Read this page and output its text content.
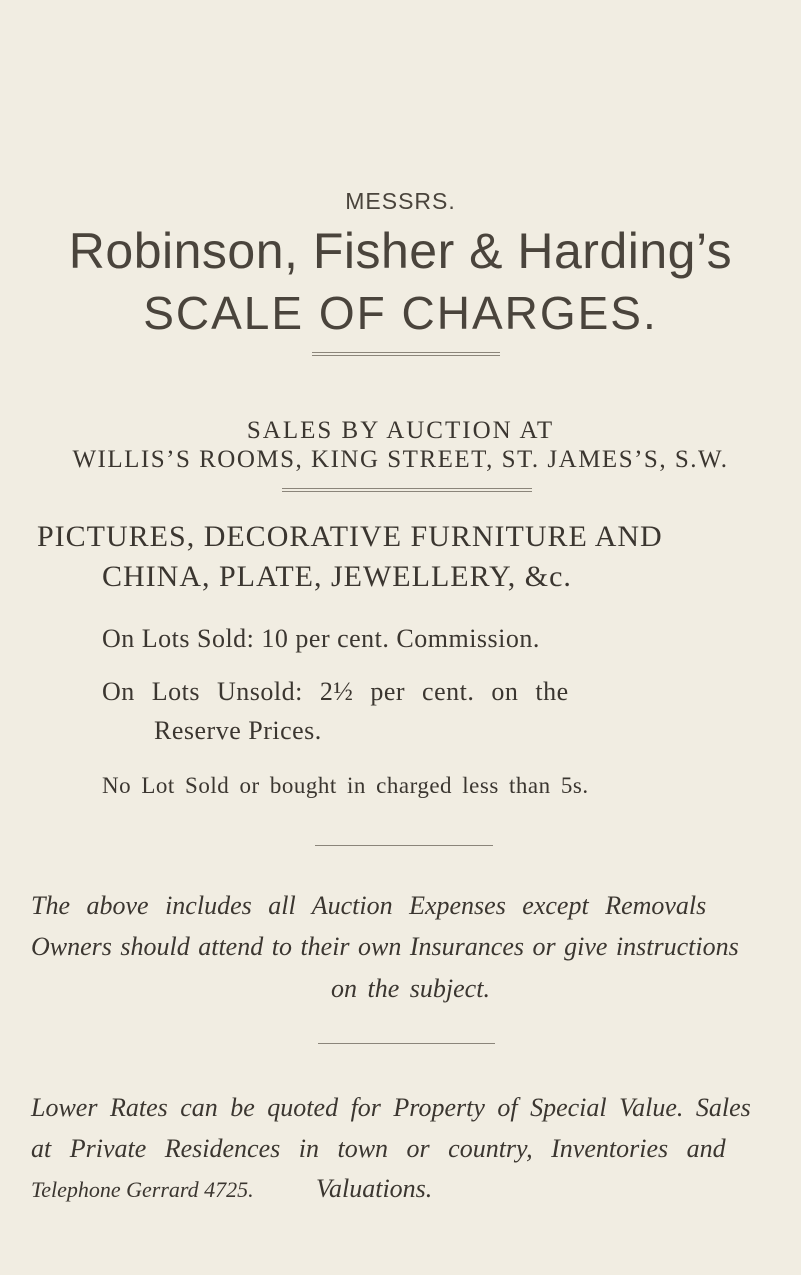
MESSRS.
Robinson, Fisher & Harding’s
SCALE OF CHARGES.
SALES BY AUCTION AT
WILLIS’S ROOMS, KING STREET, ST. JAMES’S, S.W.
PICTURES, DECORATIVE FURNITURE AND
CHINA, PLATE, JEWELLERY, &c.
On Lots Sold: 10 per cent. Commission.
On Lots Unsold: 2½ per cent. on the
Reserve Prices.
No Lot Sold or bought in charged less than 5s.
The above includes all Auction Expenses except Removals
Owners should attend to their own Insurances or give instructions
on the subject.
Lower Rates can be quoted for Property of Special Value. Sales
at Private Residences in town or country, Inventories and
Telephone Gerrard 4725. Valuations.
